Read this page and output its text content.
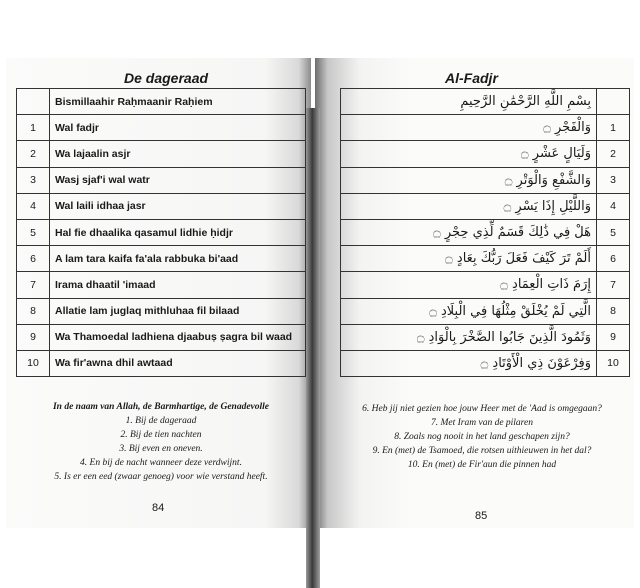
De dageraad
	Bismillaahir Raḥmaanir Raḥiem
1	Wal fadjr
2	Wa lajaalin asjr
3	Wasj sjaf'i wal watr
4	Wal laili idhaa jasr
5	Hal fie dhaalika qasamul lidhie ḥidjr
6	A lam tara kaifa fa'ala rabbuka bi'aad
7	Irama dhaatil 'imaad
8	Allatie lam juglaq mithluhaa fil bilaad
9	Wa Thamoedal ladhiena djaabuṣ ṣagra bil waad
10	Wa fir'awna dhil awtaad
In de naam van Allah, de Barmhartige, de Genadevolle
1. Bij de dageraad
2. Bij de tien nachten
3. Bij even en oneven.
4. En bij de nacht wanneer deze verdwijnt.
5. Is er een eed (zwaar genoeg) voor wie verstand heeft.
84
Al-Fadjr
بِسْمِ اللَّهِ الرَّحْمَٰنِ الرَّحِيمِ	
وَالْفَجْرِ ۝	1
وَلَيَالٍ عَشْرٍ ۝	2
وَالشَّفْعِ وَالْوَتْرِ ۝	3
وَاللَّيْلِ إِذَا يَسْرِ ۝	4
هَلْ فِي ذَٰلِكَ قَسَمٌ لِّذِي حِجْرٍ ۝	5
أَلَمْ تَرَ كَيْفَ فَعَلَ رَبُّكَ بِعَادٍ ۝	6
إِرَمَ ذَاتِ الْعِمَادِ ۝	7
الَّتِي لَمْ يُخْلَقْ مِثْلُهَا فِي الْبِلَادِ ۝	8
وَثَمُودَ الَّذِينَ جَابُوا الصَّخْرَ بِالْوَادِ ۝	9
وَفِرْعَوْنَ ذِي الْأَوْتَادِ ۝	10
6. Heb jij niet gezien hoe jouw Heer met de 'Aad is omgegaan?
7. Met Iram van de pilaren
8. Zoals nog nooit in het land geschapen zijn?
9. En (met) de Tsamoed, die rotsen uithieuwen in het dal?
10. En (met) de Fir'aun die pinnen had
85
